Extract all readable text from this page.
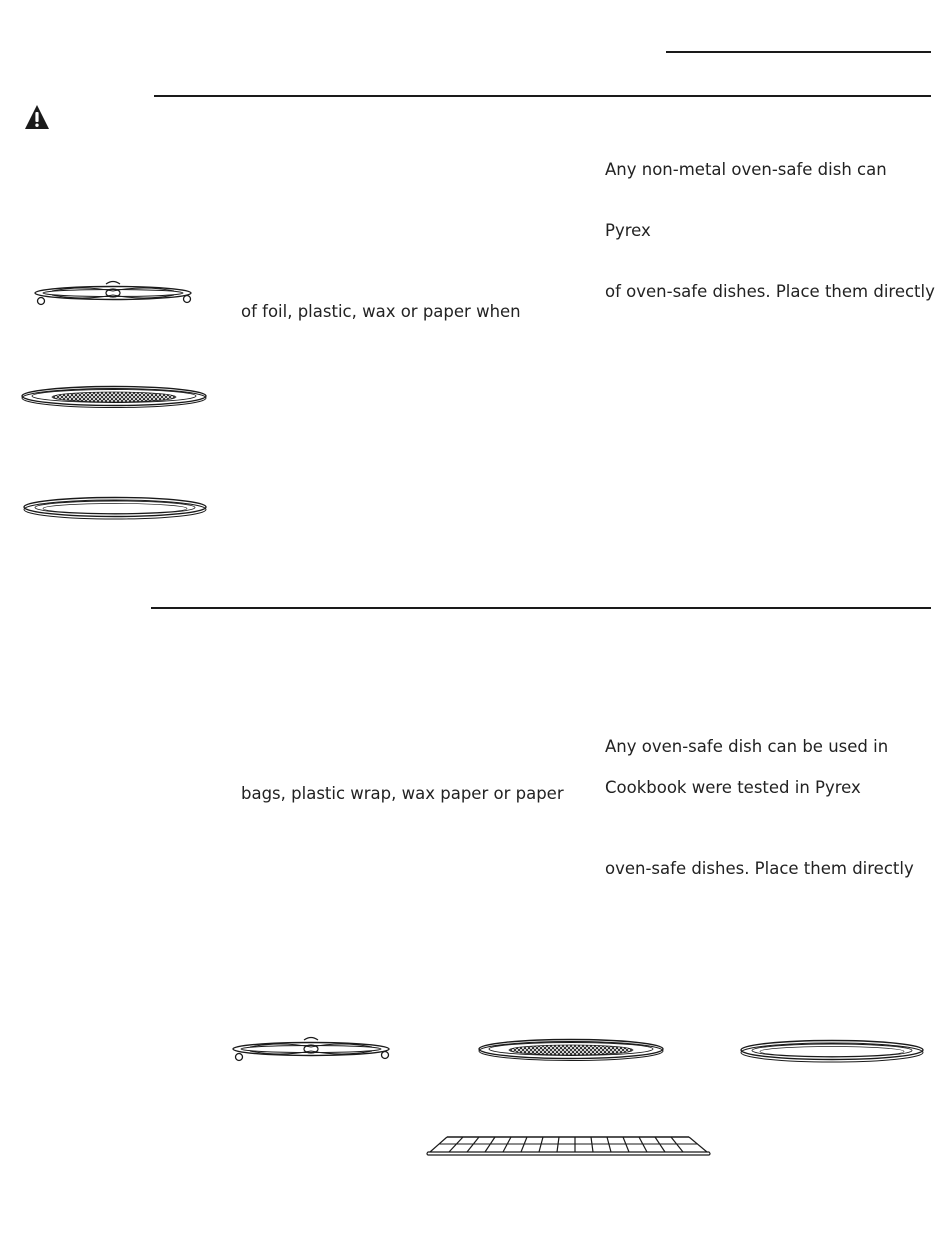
of foil, plastic, wax or paper when
Any non-metal oven-safe dish can
Pyrex
of oven-safe dishes. Place them directly
bags, plastic wrap, wax paper or paper
Any oven-safe dish can be used in
Cookbook were tested in Pyrex
oven-safe dishes. Place them directly
